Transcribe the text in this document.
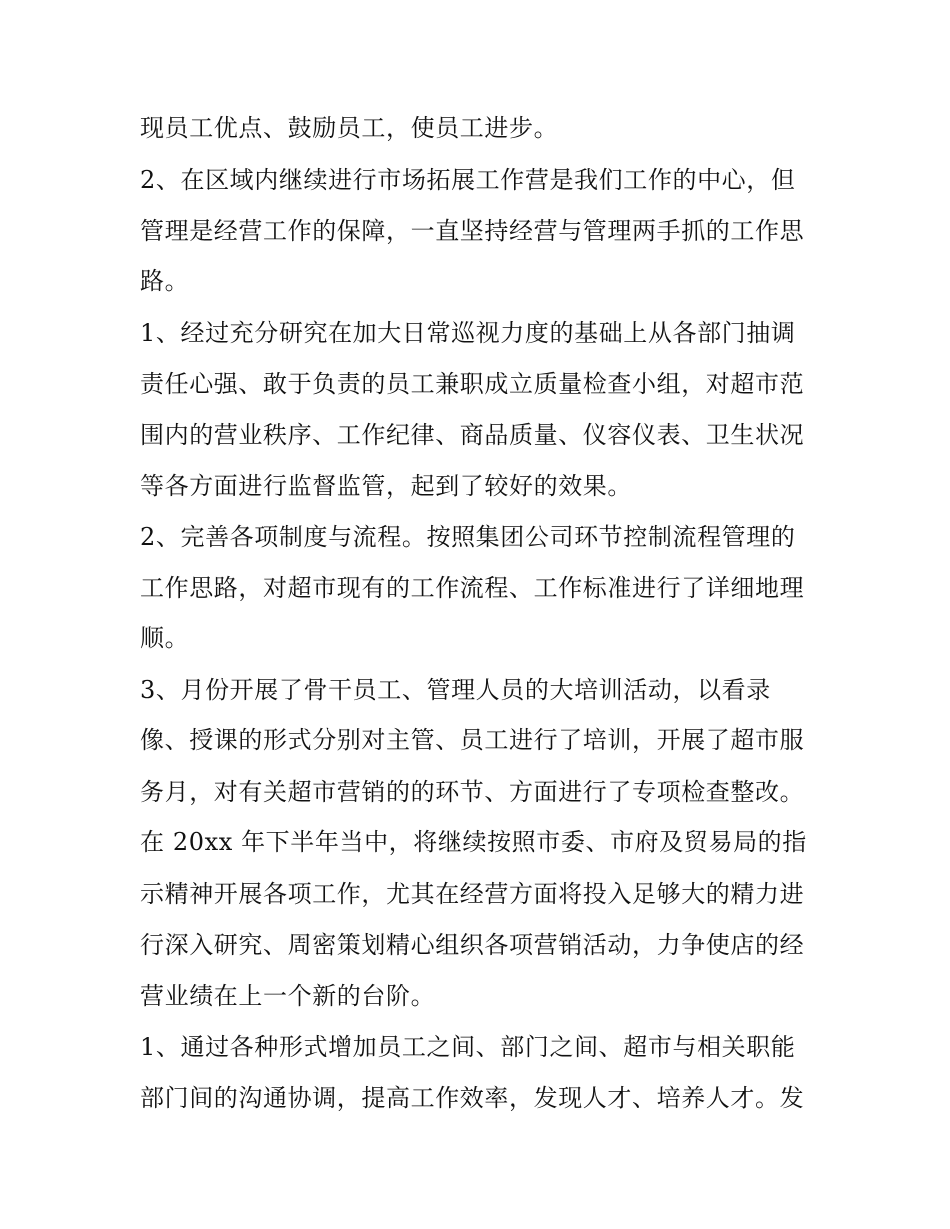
现员工优点、鼓励员工，使员工进步。
2、在区域内继续进行市场拓展工作营是我们工作的中心，但
管理是经营工作的保障，一直坚持经营与管理两手抓的工作思
路。
1、经过充分研究在加大日常巡视力度的基础上从各部门抽调
责任心强、敢于负责的员工兼职成立质量检查小组，对超市范
围内的营业秩序、工作纪律、商品质量、仪容仪表、卫生状况
等各方面进行监督监管，起到了较好的效果。
2、完善各项制度与流程。按照集团公司环节控制流程管理的
工作思路，对超市现有的工作流程、工作标准进行了详细地理
顺。
3、月份开展了骨干员工、管理人员的大培训活动，以看录
像、授课的形式分别对主管、员工进行了培训，开展了超市服
务月，对有关超市营销的的环节、方面进行了专项检查整改。
在 20xx 年下半年当中，将继续按照市委、市府及贸易局的指
示精神开展各项工作，尤其在经营方面将投入足够大的精力进
行深入研究、周密策划精心组织各项营销活动，力争使店的经
营业绩在上一个新的台阶。
1、通过各种形式增加员工之间、部门之间、超市与相关职能
部门间的沟通协调，提高工作效率，发现人才、培养人才。发
